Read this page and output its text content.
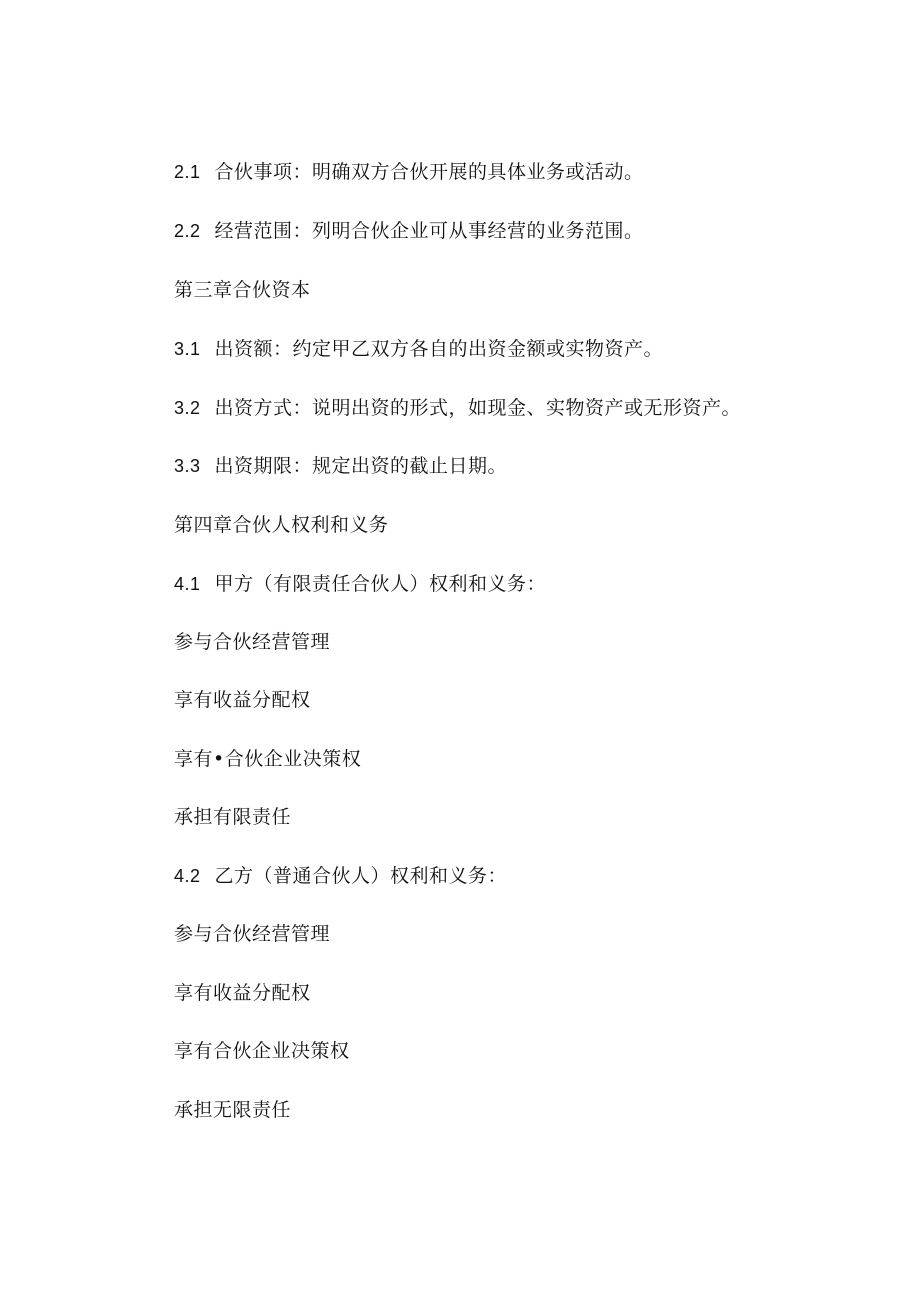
2.1 合伙事项：明确双方合伙开展的具体业务或活动。
2.2 经营范围：列明合伙企业可从事经营的业务范围。
第三章合伙资本
3.1 出资额：约定甲乙双方各自的出资金额或实物资产。
3.2 出资方式：说明出资的形式，如现金、实物资产或无形资产。
3.3 出资期限：规定出资的截止日期。
第四章合伙人权利和义务
4.1 甲方（有限责任合伙人）权利和义务：
参与合伙经营管理
享有收益分配权
享有•合伙企业决策权
承担有限责任
4.2 乙方（普通合伙人）权利和义务：
参与合伙经营管理
享有收益分配权
享有合伙企业决策权
承担无限责任
